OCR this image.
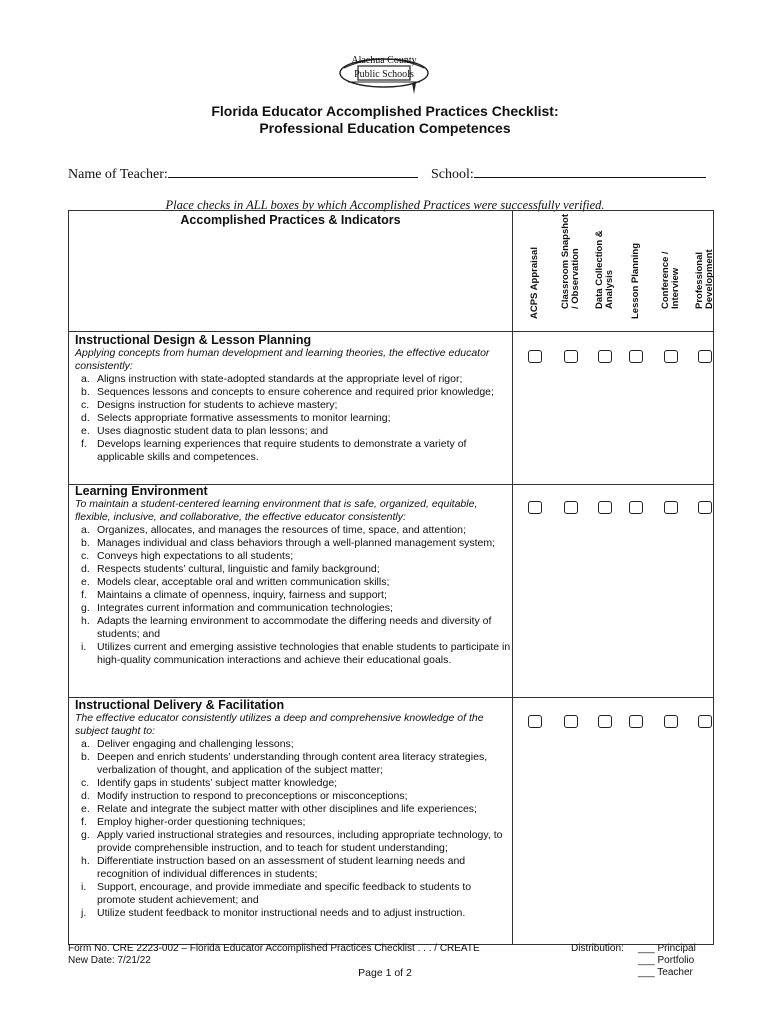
Alachua County
Public Schools
Florida Educator Accomplished Practices Checklist:
Professional Education Competences
Name of Teacher:	School:
Place checks in ALL boxes by which Accomplished Practices were successfully verified.
Accomplished Practices & Indicators
ACPS Appraisal Classroom Snapshot / Observation Data Collection & Analysis Lesson Planning Conference / Interview Professional Development
Instructional Design & Lesson Planning
Applying concepts from human development and learning theories, the effective educator consistently:
a. Aligns instruction with state-adopted standards at the appropriate level of rigor;
b. Sequences lessons and concepts to ensure coherence and required prior knowledge;
c. Designs instruction for students to achieve mastery;
d. Selects appropriate formative assessments to monitor learning;
e. Uses diagnostic student data to plan lessons; and
f. Develops learning experiences that require students to demonstrate a variety of applicable skills and competences.
Learning Environment
To maintain a student-centered learning environment that is safe, organized, equitable, flexible, inclusive, and collaborative, the effective educator consistently:
a. Organizes, allocates, and manages the resources of time, space, and attention;
b. Manages individual and class behaviors through a well-planned management system;
c. Conveys high expectations to all students;
d. Respects students’ cultural, linguistic and family background;
e. Models clear, acceptable oral and written communication skills;
f. Maintains a climate of openness, inquiry, fairness and support;
g. Integrates current information and communication technologies;
h. Adapts the learning environment to accommodate the differing needs and diversity of students; and
i. Utilizes current and emerging assistive technologies that enable students to participate in high-quality communication interactions and achieve their educational goals.
Instructional Delivery & Facilitation
The effective educator consistently utilizes a deep and comprehensive knowledge of the subject taught to:
a. Deliver engaging and challenging lessons;
b. Deepen and enrich students’ understanding through content area literacy strategies, verbalization of thought, and application of the subject matter;
c. Identify gaps in students’ subject matter knowledge;
d. Modify instruction to respond to preconceptions or misconceptions;
e. Relate and integrate the subject matter with other disciplines and life experiences;
f. Employ higher-order questioning techniques;
g. Apply varied instructional strategies and resources, including appropriate technology, to provide comprehensible instruction, and to teach for student understanding;
h. Differentiate instruction based on an assessment of student learning needs and recognition of individual differences in students;
i. Support, encourage, and provide immediate and specific feedback to students to promote student achievement; and
j. Utilize student feedback to monitor instructional needs and to adjust instruction.
Form No. CRE 2223-002 – Florida Educator Accomplished Practices Checklist . . . / CREATE
New Date: 7/21/22
Page 1 of 2
Distribution: ___ Principal
___ Portfolio
___ Teacher
